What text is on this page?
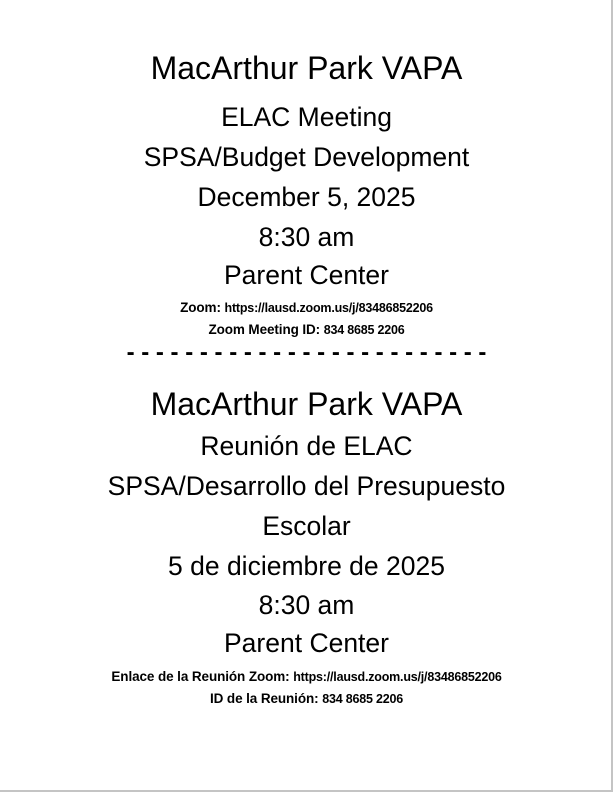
MacArthur Park VAPA
ELAC Meeting
SPSA/Budget Development
December 5, 2025
8:30 am
Parent Center
Zoom: https://lausd.zoom.us/j/83486852206
Zoom Meeting ID: 834 8685 2206
- - - - - - - - - - - - - - - - - - - - - - - - -
MacArthur Park VAPA
Reunión de ELAC
SPSA/Desarrollo del Presupuesto
Escolar
5 de diciembre de 2025
8:30 am
Parent Center
Enlace de la Reunión Zoom: https://lausd.zoom.us/j/83486852206
ID de la Reunión: 834 8685 2206
